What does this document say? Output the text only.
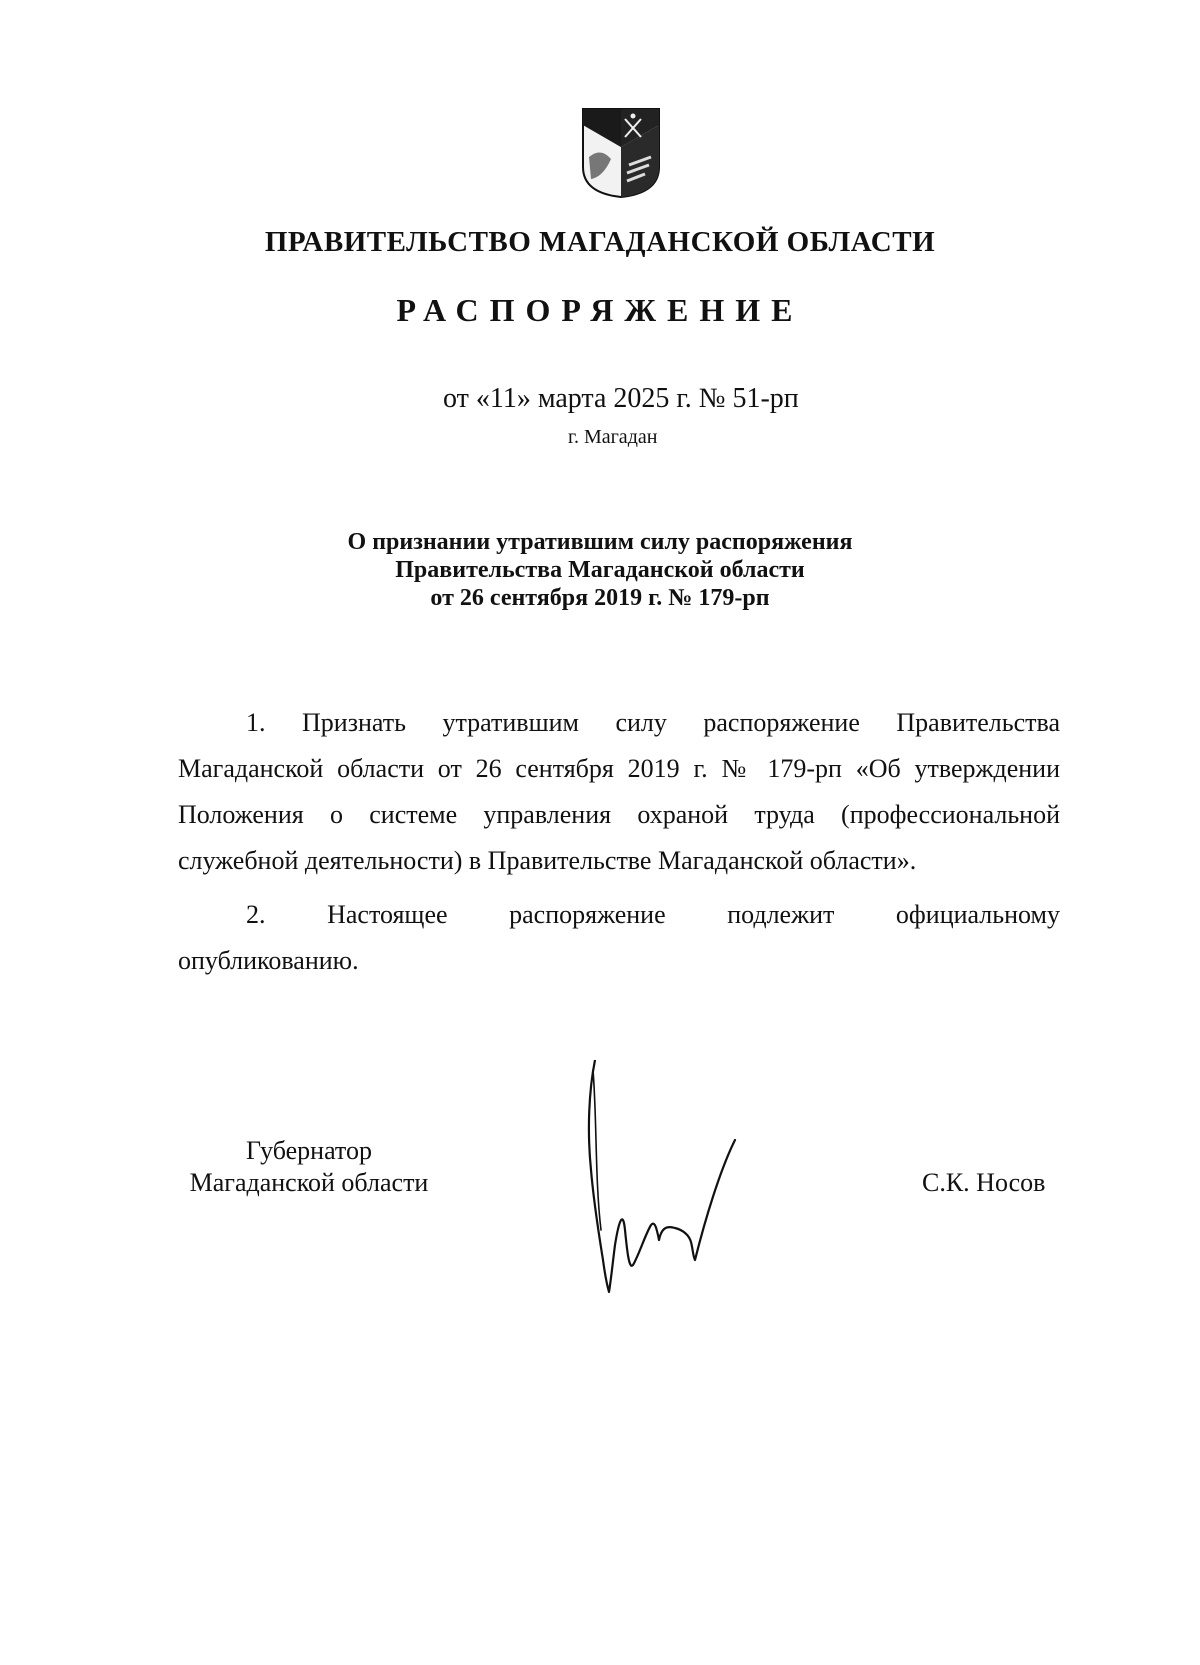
ПРАВИТЕЛЬСТВО МАГАДАНСКОЙ ОБЛАСТИ
РАСПОРЯЖЕНИЕ
от «11» марта 2025 г. № 51-рп
г. Магадан
О признании утратившим силу распоряжения
Правительства Магаданской области
от 26 сентября 2019 г. № 179-рп
1. Признать утратившим силу распоряжение Правительства
Магаданской области от 26 сентября 2019 г. № 179-рп «Об утверждении
Положения о системе управления охраной труда (профессиональной
служебной деятельности) в Правительстве Магаданской области».
2. Настоящее распоряжение подлежит официальному
опубликованию.
Губернатор
Магаданской области	С.К. Носов
